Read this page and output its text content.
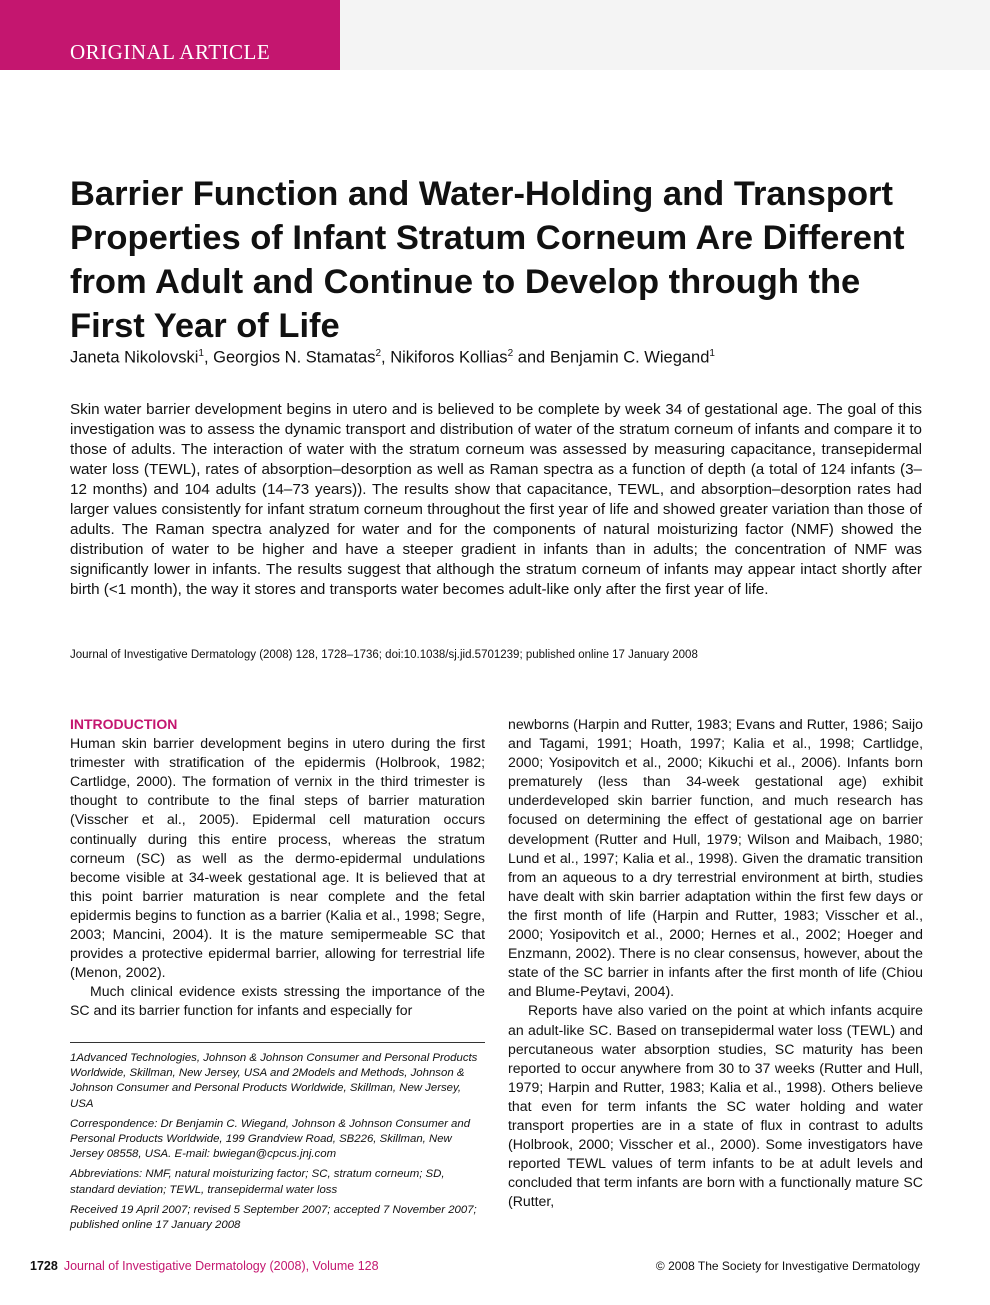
ORIGINAL ARTICLE
Barrier Function and Water-Holding and Transport Properties of Infant Stratum Corneum Are Different from Adult and Continue to Develop through the First Year of Life
Janeta Nikolovski$^1$, Georgios N. Stamatas$^2$, Nikiforos Kollias$^2$ and Benjamin C. Wiegand$^1$

Skin water barrier development begins in utero and is believed to be complete by week 34 of gestational age. The goal of this investigation was to assess the dynamic transport and distribution of water of the stratum corneum of infants and compare it to those of adults. The interaction of water with the stratum corneum was assessed by measuring capacitance, transepidermal water loss (TEWL), rates of absorption–desorption as well as Raman spectra as a function of depth (a total of 124 infants (3–12 months) and 104 adults (14–73 years)). The results show that capacitance, TEWL, and absorption–desorption rates had larger values consistently for infant stratum corneum throughout the first year of life and showed greater variation than those of adults. The Raman spectra analyzed for water and for the components of natural moisturizing factor (NMF) showed the distribution of water to be higher and have a steeper gradient in infants than in adults; the concentration of NMF was significantly lower in infants. The results suggest that although the stratum corneum of infants may appear intact shortly after birth (<1 month), the way it stores and transports water becomes adult-like only after the first year of life.

Journal of Investigative Dermatology (2008) 128, 1728–1736; doi:10.1038/sj.jid.5701239; published online 17 January 2008

INTRODUCTION

Human skin barrier development begins in utero during the first trimester with stratification of the epidermis (Holbrook, 1982; Cartlidge, 2000). The formation of vernix in the third trimester is thought to contribute to the final steps of barrier maturation (Visscher et al., 2005). Epidermal cell maturation occurs continually during this entire process, whereas the stratum corneum (SC) as well as the dermo-epidermal undulations become visible at 34-week gestational age. It is believed that at this point barrier maturation is near complete and the fetal epidermis begins to function as a barrier (Kalia et al., 1998; Segre, 2003; Mancini, 2004). It is the mature semipermeable SC that provides a protective epidermal barrier, allowing for terrestrial life (Menon, 2002).

Much clinical evidence exists stressing the importance of the SC and its barrier function for infants and especially for

1Advanced Technologies, Johnson & Johnson Consumer and Personal Products Worldwide, Skillman, New Jersey, USA and 2Models and Methods, Johnson & Johnson Consumer and Personal Products Worldwide, Skillman, New Jersey, USA

Correspondence: Dr Benjamin C. Wiegand, Johnson & Johnson Consumer and Personal Products Worldwide, 199 Grandview Road, SB226, Skillman, New Jersey 08558, USA. E-mail: bwiegan@cpcus.jnj.com

Abbreviations: NMF, natural moisturizing factor; SC, stratum corneum; SD, standard deviation; TEWL, transepidermal water loss

Received 19 April 2007; revised 5 September 2007; accepted 7 November 2007; published online 17 January 2008

newborns (Harpin and Rutter, 1983; Evans and Rutter, 1986; Saijo and Tagami, 1991; Hoath, 1997; Kalia et al., 1998; Cartlidge, 2000; Yosipovitch et al., 2000; Kikuchi et al., 2006). Infants born prematurely (less than 34-week gestational age) exhibit underdeveloped skin barrier function, and much research has focused on determining the effect of gestational age on barrier development (Rutter and Hull, 1979; Wilson and Maibach, 1980; Lund et al., 1997; Kalia et al., 1998). Given the dramatic transition from an aqueous to a dry terrestrial environment at birth, studies have dealt with skin barrier adaptation within the first few days or the first month of life (Harpin and Rutter, 1983; Visscher et al., 2000; Yosipovitch et al., 2000; Hernes et al., 2002; Hoeger and Enzmann, 2002). There is no clear consensus, however, about the state of the SC barrier in infants after the first month of life (Chiou and Blume-Peytavi, 2004).

Reports have also varied on the point at which infants acquire an adult-like SC. Based on transepidermal water loss (TEWL) and percutaneous water absorption studies, SC maturity has been reported to occur anywhere from 30 to 37 weeks (Rutter and Hull, 1979; Harpin and Rutter, 1983; Kalia et al., 1998). Others believe that even for term infants the SC water holding and water transport properties are in a state of flux in contrast to adults (Holbrook, 2000; Visscher et al., 2000). Some investigators have reported TEWL values of term infants to be at adult levels and concluded that term infants are born with a functionally mature SC (Rutter,

1728 Journal of Investigative Dermatology (2008), Volume 128	© 2008 The Society for Investigative Dermatology
